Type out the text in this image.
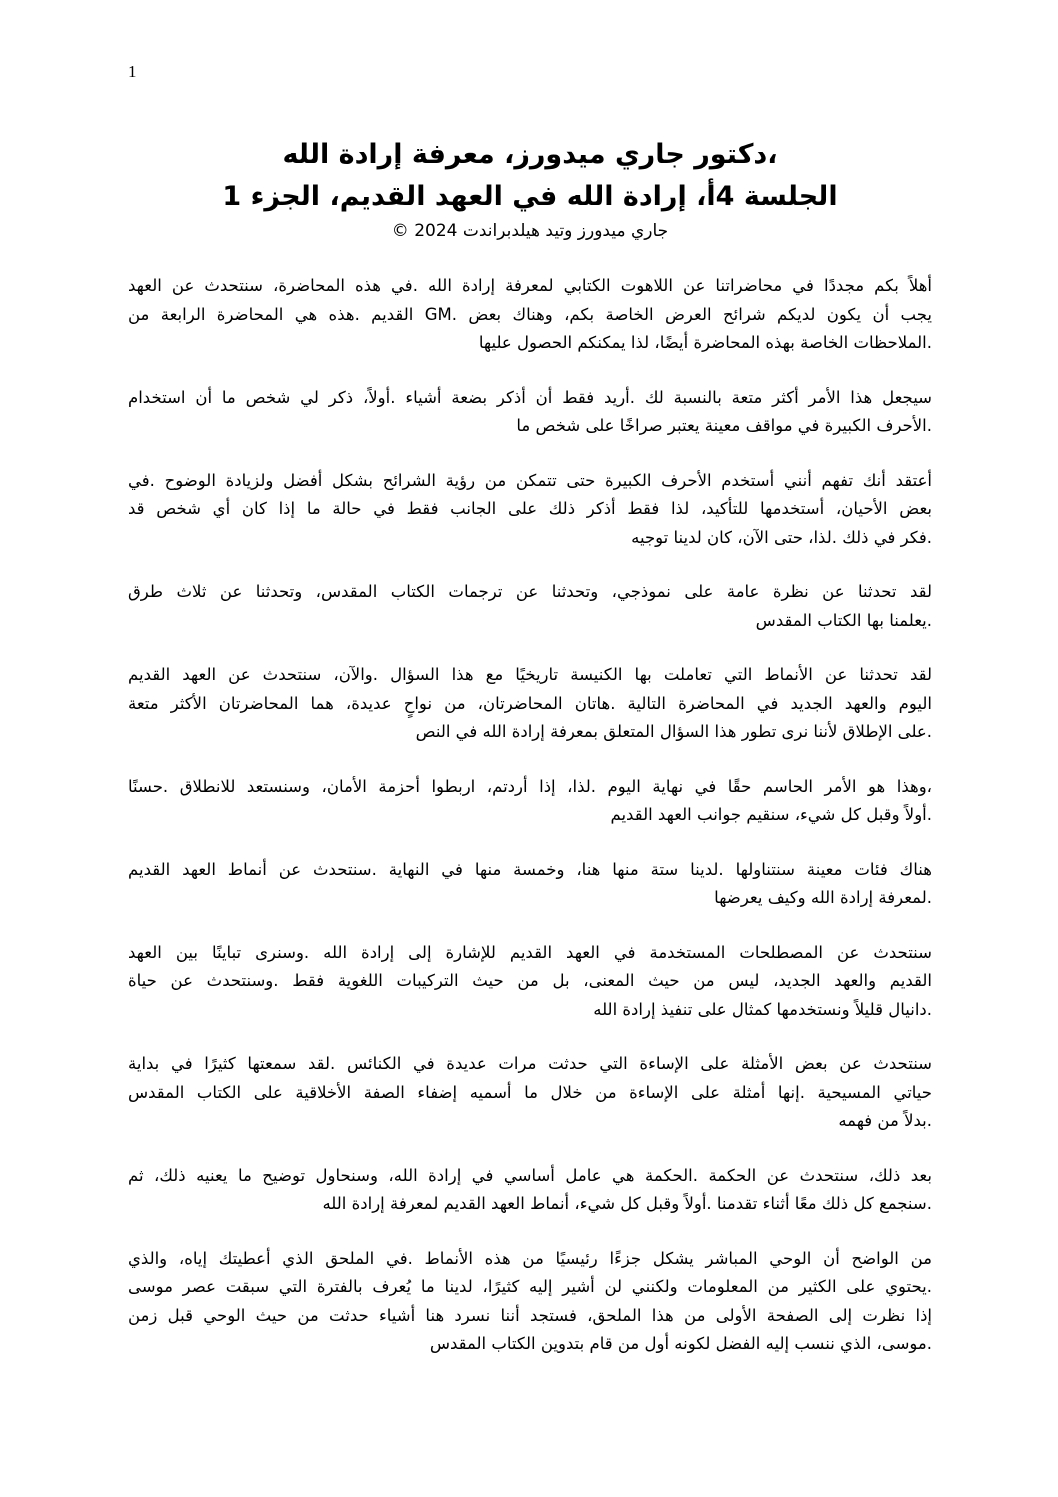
1
،دكتور جاري ميدورز، معرفة إرادة الله
الجلسة 4أ، إرادة الله في العهد القديم، الجزء 1
جاري ميدورز وتيد هيلدبراندت 2024 ©
أهلاً بكم مجددًا في محاضراتنا عن اللاهوت الكتابي لمعرفة إرادة الله .في هذه المحاضرة، سنتحدث عن العهد
يجب أن يكون لديكم شرائح العرض الخاصة بكم، وهناك بعض .GM القديم .هذه هي المحاضرة الرابعة من
.الملاحظات الخاصة بهذه المحاضرة أيضًا، لذا يمكنكم الحصول عليها
سيجعل هذا الأمر أكثر متعة بالنسبة لك .أريد فقط أن أذكر بضعة أشياء .أولاً، ذكر لي شخص ما أن استخدام
.الأحرف الكبيرة في مواقف معينة يعتبر صراخًا على شخص ما
أعتقد أنك تفهم أنني أستخدم الأحرف الكبيرة حتى تتمكن من رؤية الشرائح بشكل أفضل ولزيادة الوضوح .في
بعض الأحيان، أستخدمها للتأكيد، لذا فقط أذكر ذلك على الجانب فقط في حالة ما إذا كان أي شخص قد
.فكر في ذلك .لذا، حتى الآن، كان لدينا توجيه
لقد تحدثنا عن نظرة عامة على نموذجي، وتحدثنا عن ترجمات الكتاب المقدس، وتحدثنا عن ثلاث طرق
.يعلمنا بها الكتاب المقدس
لقد تحدثنا عن الأنماط التي تعاملت بها الكنيسة تاريخيًا مع هذا السؤال .والآن، سنتحدث عن العهد القديم
اليوم والعهد الجديد في المحاضرة التالية .هاتان المحاضرتان، من نواحٍ عديدة، هما المحاضرتان الأكثر متعة
.على الإطلاق لأننا نرى تطور هذا السؤال المتعلق بمعرفة إرادة الله في النص
،وهذا هو الأمر الحاسم حقًا في نهاية اليوم .لذا، إذا أردتم، اربطوا أحزمة الأمان، وسنستعد للانطلاق .حسنًا
.أولاً وقبل كل شيء، سنقيم جوانب العهد القديم
هناك فئات معينة سنتناولها .لدينا ستة منها هنا، وخمسة منها في النهاية .سنتحدث عن أنماط العهد القديم
.لمعرفة إرادة الله وكيف يعرضها
سنتحدث عن المصطلحات المستخدمة في العهد القديم للإشارة إلى إرادة الله .وسنرى تباينًا بين العهد
القديم والعهد الجديد، ليس من حيث المعنى، بل من حيث التركيبات اللغوية فقط .وسنتحدث عن حياة
.دانيال قليلاً ونستخدمها كمثال على تنفيذ إرادة الله
سنتحدث عن بعض الأمثلة على الإساءة التي حدثت مرات عديدة في الكنائس .لقد سمعتها كثيرًا في بداية
حياتي المسيحية .إنها أمثلة على الإساءة من خلال ما أسميه إضفاء الصفة الأخلاقية على الكتاب المقدس
.بدلاً من فهمه
بعد ذلك، سنتحدث عن الحكمة .الحكمة هي عامل أساسي في إرادة الله، وسنحاول توضيح ما يعنيه ذلك، ثم
.سنجمع كل ذلك معًا أثناء تقدمنا .أولاً وقبل كل شيء، أنماط العهد القديم لمعرفة إرادة الله
من الواضح أن الوحي المباشر يشكل جزءًا رئيسيًا من هذه الأنماط .في الملحق الذي أعطيتك إياه، والذي
.يحتوي على الكثير من المعلومات ولكنني لن أشير إليه كثيرًا، لدينا ما يُعرف بالفترة التي سبقت عصر موسى
إذا نظرت إلى الصفحة الأولى من هذا الملحق، فستجد أننا نسرد هنا أشياء حدثت من حيث الوحي قبل زمن
.موسى، الذي ننسب إليه الفضل لكونه أول من قام بتدوين الكتاب المقدس
